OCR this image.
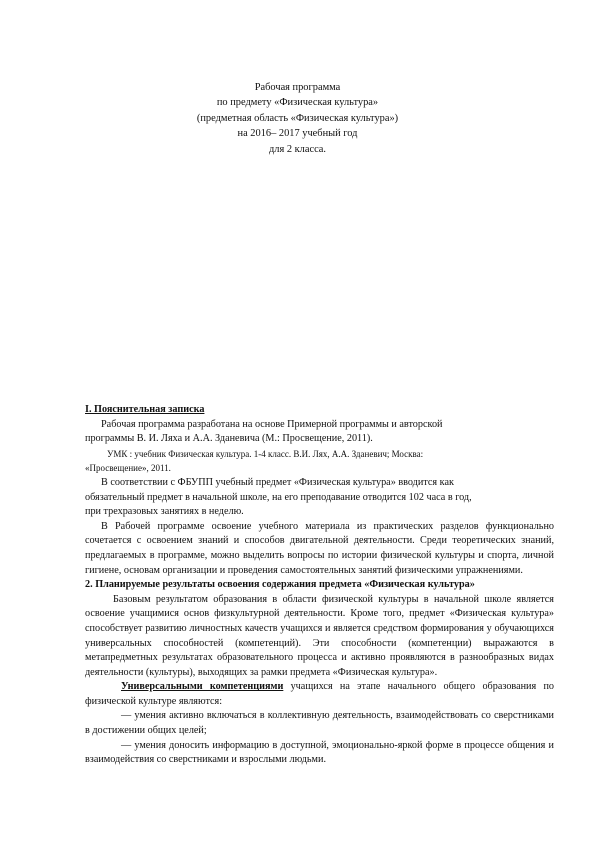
Рабочая программа
по предмету «Физическая культура»
(предметная область «Физическая культура»)
на 2016– 2017 учебный год
для 2 класса.
I. Пояснительная записка
Рабочая программа разработана на основе Примерной программы и авторской
программы В. И. Ляха и А.А. Зданевича (М.: Просвещение, 2011).
УМК : учебник Физическая культура. 1-4 класс. В.И. Лях, А.А. Зданевич; Москва:
«Просвещение», 2011.
В соответствии с ФБУПП учебный предмет «Физическая культура» вводится как
обязательный предмет в начальной школе, на его преподавание отводится 102 часа в год,
при трехразовых занятиях в неделю.
В Рабочей программе освоение учебного материала из практических разделов функционально сочетается с освоением знаний и способов двигательной деятельности. Среди теоретических знаний, предлагаемых в программе, можно выделить вопросы по истории физической культуры и спорта, личной гигиене, основам организации и проведения самостоятельных занятий физическими упражнениями.
2. Планируемые результаты освоения содержания предмета «Физическая культура»
Базовым результатом образования в области физической культуры в начальной школе является освоение учащимися основ физкультурной деятельности. Кроме того, предмет «Физическая культура» способствует развитию личностных качеств учащихся и является средством формирования у обучающихся универсальных способностей (компетенций). Эти способности (компетенции) выражаются в метапредметных результатах образовательного процесса и активно проявляются в разнообразных видах деятельности (культуры), выходящих за рамки предмета «Физическая культура».
Универсальными компетенциями учащихся на этапе начального общего образования по физической культуре являются:
— умения активно включаться в коллективную деятельность, взаимодействовать со сверстниками в достижении общих целей;
— умения доносить информацию в доступной, эмоционально-яркой форме в процессе общения и взаимодействия со сверстниками и взрослыми людьми.
